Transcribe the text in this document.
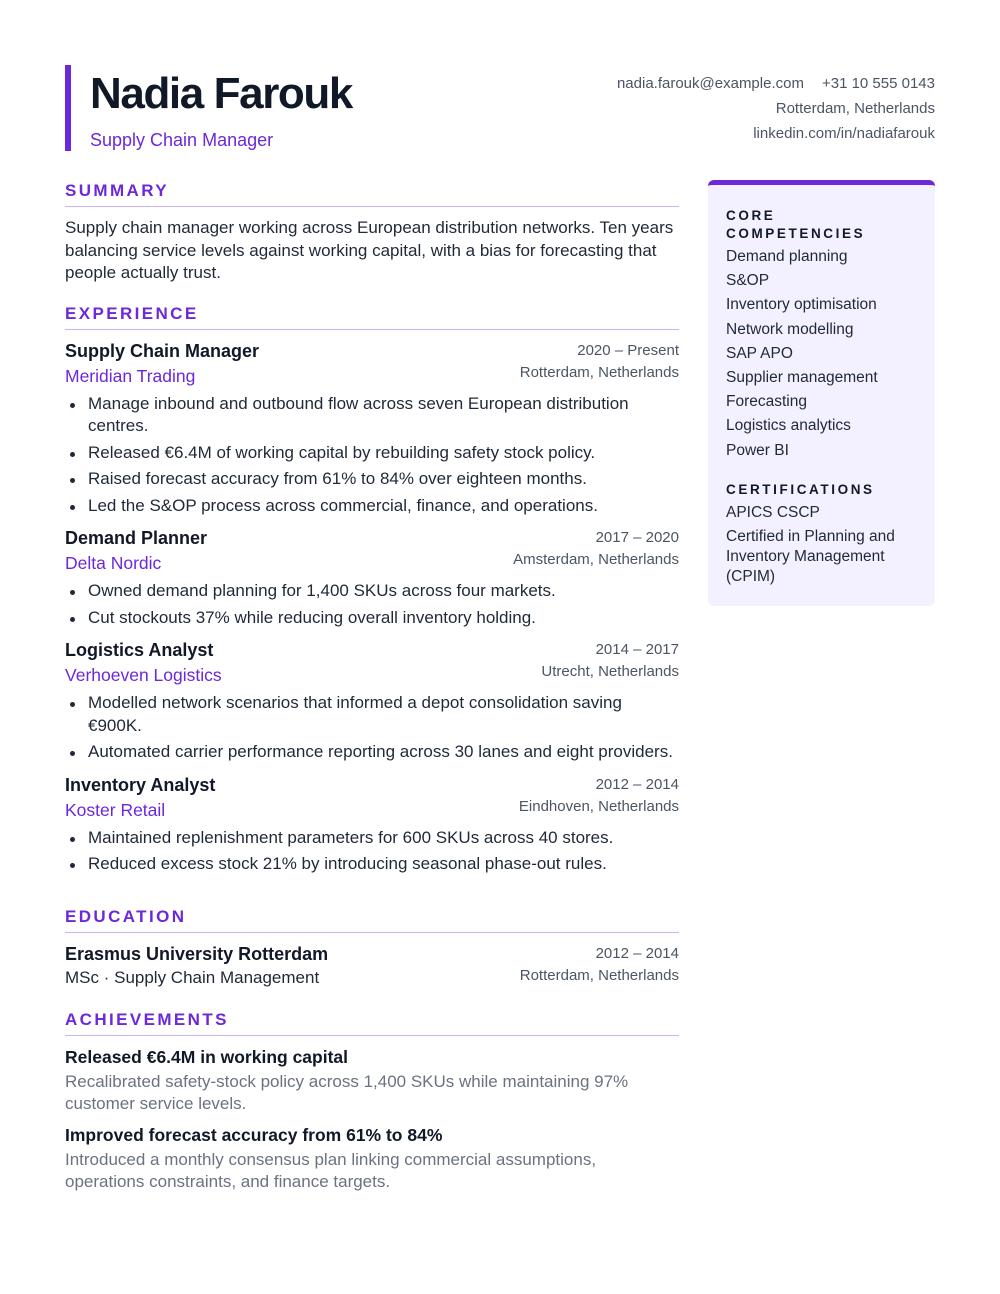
Nadia Farouk
Supply Chain Manager
nadia.farouk@example.com +31 10 555 0143
Rotterdam, Netherlands
linkedin.com/in/nadiafarouk
SUMMARY

Supply chain manager working across European distribution networks. Ten years balancing service levels against working capital, with a bias for forecasting that people actually trust.

EXPERIENCE
Supply Chain Manager
Meridian Trading
2020 – Present
Rotterdam, Netherlands
Manage inbound and outbound flow across seven European distribution centres.
Released €6.4M of working capital by rebuilding safety stock policy.
Raised forecast accuracy from 61% to 84% over eighteen months.
Led the S&OP process across commercial, finance, and operations.
Demand Planner
Delta Nordic
2017 – 2020
Amsterdam, Netherlands
Owned demand planning for 1,400 SKUs across four markets.
Cut stockouts 37% while reducing overall inventory holding.
Logistics Analyst
Verhoeven Logistics
2014 – 2017
Utrecht, Netherlands
Modelled network scenarios that informed a depot consolidation saving €900K.
Automated carrier performance reporting across 30 lanes and eight providers.
Inventory Analyst
Koster Retail
2012 – 2014
Eindhoven, Netherlands
Maintained replenishment parameters for 600 SKUs across 40 stores.
Reduced excess stock 21% by introducing seasonal phase-out rules.
EDUCATION
Erasmus University Rotterdam
MSc · Supply Chain Management
2012 – 2014
Rotterdam, Netherlands
ACHIEVEMENTS
Released €6.4M in working capital
Recalibrated safety-stock policy across 1,400 SKUs while maintaining 97% customer service levels.
Improved forecast accuracy from 61% to 84%
Introduced a monthly consensus plan linking commercial assumptions, operations constraints, and finance targets.
CORE COMPETENCIES
Demand planning
S&OP
Inventory optimisation
Network modelling
SAP APO
Supplier management
Forecasting
Logistics analytics
Power BI
CERTIFICATIONS
APICS CSCP
Certified in Planning and Inventory Management (CPIM)
